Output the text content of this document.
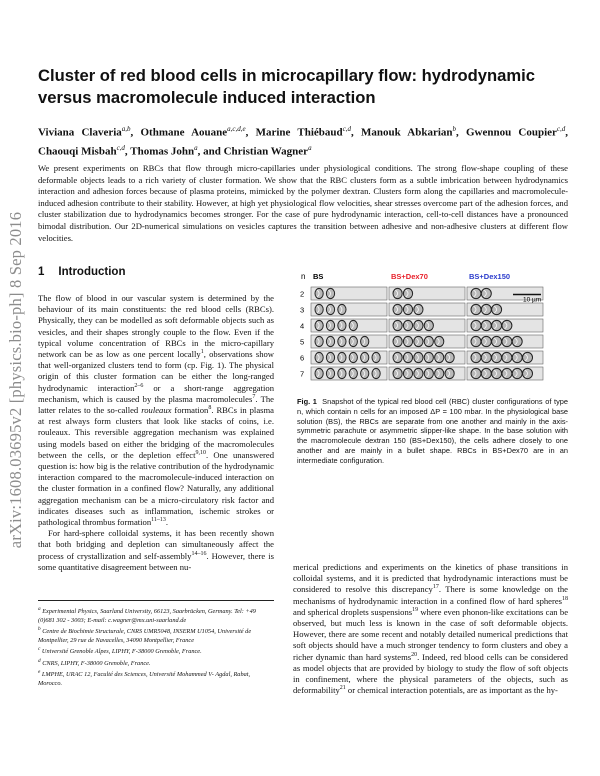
arXiv:1608.03695v2 [physics.bio-ph] 8 Sep 2016
Cluster of red blood cells in microcapillary flow: hydrodynamic versus macromolecule induced interaction
Viviana Claveria$^{a,b}$, Othmane Aouane$^{a,c,d,e}$, Marine Thiébaud$^{c,d}$, Manouk Abkarian$^b$, Gwennou Coupier$^{c,d}$, Chaouqi Misbah$^{c,d}$, Thomas John$^a$, and Christian Wagner$^a$

We present experiments on RBCs that flow through micro-capillaries under physiological conditions. The strong flow-shape coupling of these deformable objects leads to a rich variety of cluster formation. We show that the RBC clusters form as a subtle imbrication between hydrodynamics interaction and adhesion forces because of plasma proteins, mimicked by the polymer dextran. Clusters form along the capillaries and macromolecule-induced adhesion contribute to their stability. However, at high yet physiological flow velocities, shear stresses overcome part of the adhesion forces, and cluster stabilization due to hydrodynamics becomes stronger. For the case of pure hydrodynamic interaction, cell-to-cell distances have a pronounced bimodal distribution. Our 2D-numerical simulations on vesicles captures the transition between adhesive and non-adhesive clusters at different flow velocities.

1 Introduction

The flow of blood in our vascular system is determined by the behaviour of its main constituents: the red blood cells (RBCs). Physically, they can be modelled as soft deformable objects such as vesicles, and their shapes strongly couple to the flow. Even if the typical volume concentration of RBCs in the micro-capillary network can be as low as one percent locally$^1$, observations show that well-organized clusters tend to form (cp. Fig. 1). The physical origin of this cluster formation can be either the long-ranged hydrodynamic interaction$^{2-6}$ or a short-range aggregation mechanism, which is caused by the plasma macromolecules$^7$. The latter relates to the so-called rouleaux formation$^8$. RBCs in plasma at rest always form clusters that look like stacks of coins, i.e. rouleaux. This reversible aggregation mechanism was explained using models based on either the bridging of the macromolecules between the cells, or the depletion effect$^{9,10}$. One unanswered question is: how big is the relative contribution of the hydrodynamic interaction compared to the macromolecule-induced interaction on the cluster formation in a confined flow? Naturally, any additional aggregation mechanism can be a micro-circulatory risk factor and indicates diseases such as inflammation, ischemic strokes or pathological thrombus formation$^{11-13}$.

For hard-sphere colloidal systems, it has been recently shown that both bridging and depletion can simultaneously affect the process of crystallization and self-assembly$^{14-16}$. However, there is some quantitative disagreement between nu-

$^a$ Experimental Physics, Saarland University, 66123, Saarbrücken, Germany. Tel: +49 (0)681 302 - 3003; E-mail: c.wagner@mx.uni-saarland.de
$^b$ Centre de Biochimie Structurale, CNRS UMR5048, INSERM U1054, Université de Montpellier, 29 rue de Navacelles, 34090 Montpellier, France
$^c$ Université Grenoble Alpes, LIPHY, F-38000 Grenoble, France.
$^d$ CNRS, LIPHY, F-38000 Grenoble, France.
$^e$ LMPHE, URAC 12, Faculté des Sciences, Université Mohammed V- Agdal, Rabat, Morocco.
n BS	BS+Dex70	BS+Dex150
2
3
4
5
6
7
10 µm
Fig. 1 Snapshot of the typical red blood cell (RBC) cluster configurations of type n, which contain n cells for an imposed ΔP = 100 mbar. In the physiological base solution (BS), the RBCs are separate from one another and mainly in the axis-symmetric parachute or asymmetric slipper-like shape. In the base solution with the macromolecule dextran 150 (BS+Dex150), the cells adhere closely to one another and are mainly in a bullet shape. RBCs in BS+Dex70 are in an intermediate configuration.

merical predictions and experiments on the kinetics of phase transitions in colloidal systems, and it is predicted that hydrodynamic interactions must be considered to resolve this discrepancy$^{17}$. There is some knowledge on the mechanisms of hydrodynamic interaction in a confined flow of hard spheres$^{18}$ and spherical droplets suspensions$^{19}$ where even phonon-like excitations can be observed, but much less is known in the case of soft deformable objects. However, there are some recent and notably detailed numerical predictions that soft objects should have a much stronger tendency to form clusters and obey a richer dynamic than hard systems$^{20}$. Indeed, red blood cells can be considered as model objects that are provided by biology to study the flow of soft objects in confinement, where the physical parameters of the objects, such as deformability$^{21}$ or chemical interaction potentials, are as important as the hy-
